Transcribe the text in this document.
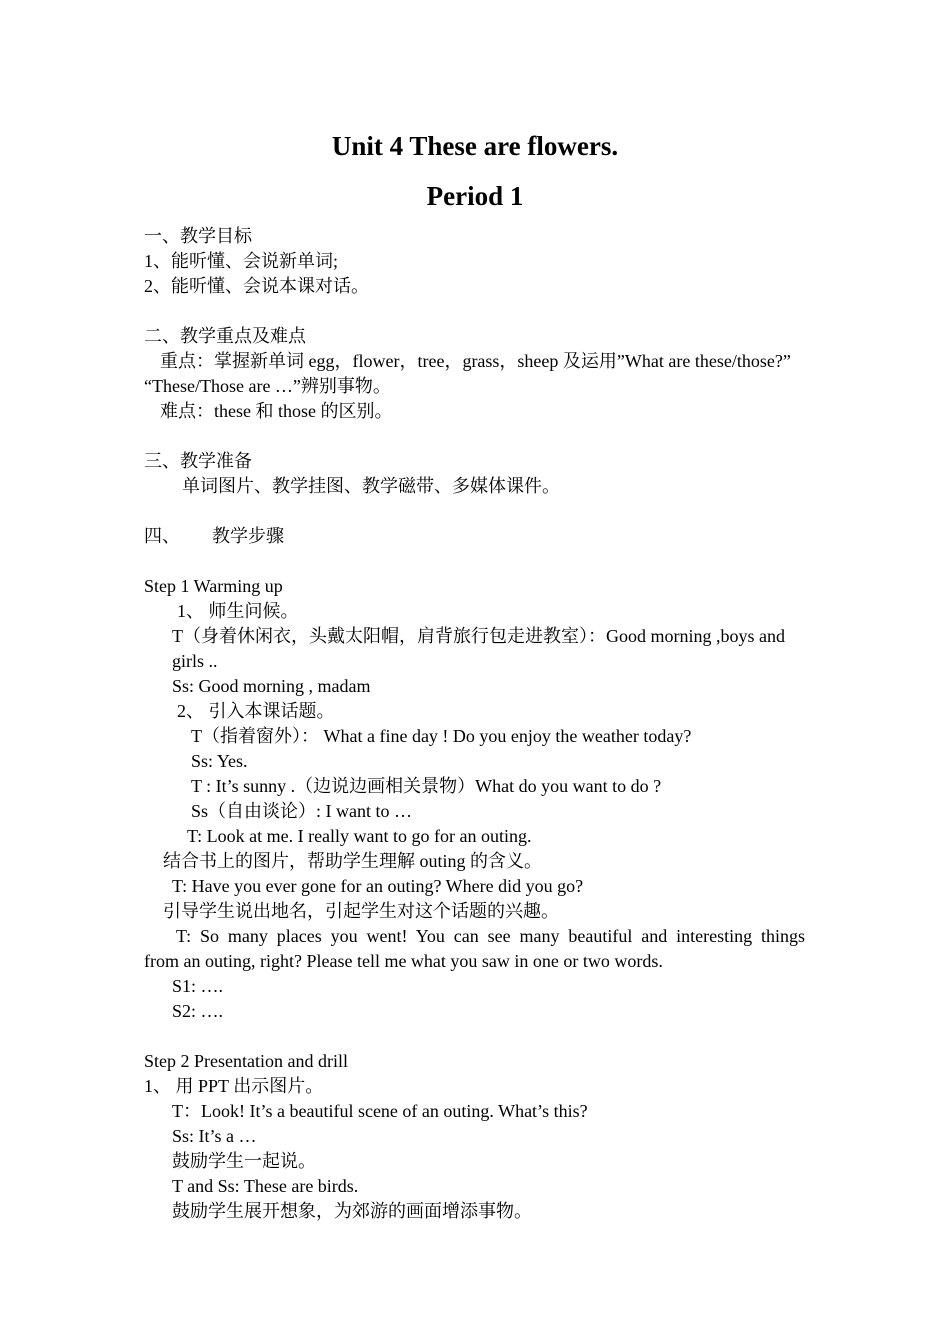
Unit 4 These are flowers.
Period 1
一、教学目标
1、能听懂、会说新单词;
2、能听懂、会说本课对话。
二、教学重点及难点
重点：掌握新单词 egg，flower，tree，grass，sheep 及运用”What are these/those?”
“These/Those are …”辨别事物。
难点：these 和 those 的区别。
三、教学准备
单词图片、教学挂图、教学磁带、多媒体课件。
四、 教学步骤
Step 1 Warming up
1、 师生问候。
T（身着休闲衣，头戴太阳帽，肩背旅行包走进教室）：Good morning ,boys and
girls ..
Ss: Good morning , madam
2、 引入本课话题。
T（指着窗外）： What a fine day ! Do you enjoy the weather today?
Ss: Yes.
T : It’s sunny .（边说边画相关景物）What do you want to do ?
Ss（自由谈论）: I want to …
T: Look at me. I really want to go for an outing.
结合书上的图片，帮助学生理解 outing 的含义。
T: Have you ever gone for an outing? Where did you go?
引导学生说出地名，引起学生对这个话题的兴趣。
T: So many places you went! You can see many beautiful and interesting things
from an outing, right? Please tell me what you saw in one or two words.
S1: ….
S2: ….
Step 2 Presentation and drill
1、 用 PPT 出示图片。
T：Look! It’s a beautiful scene of an outing. What’s this?
Ss: It’s a …
鼓励学生一起说。
T and Ss: These are birds.
鼓励学生展开想象，为郊游的画面增添事物。
